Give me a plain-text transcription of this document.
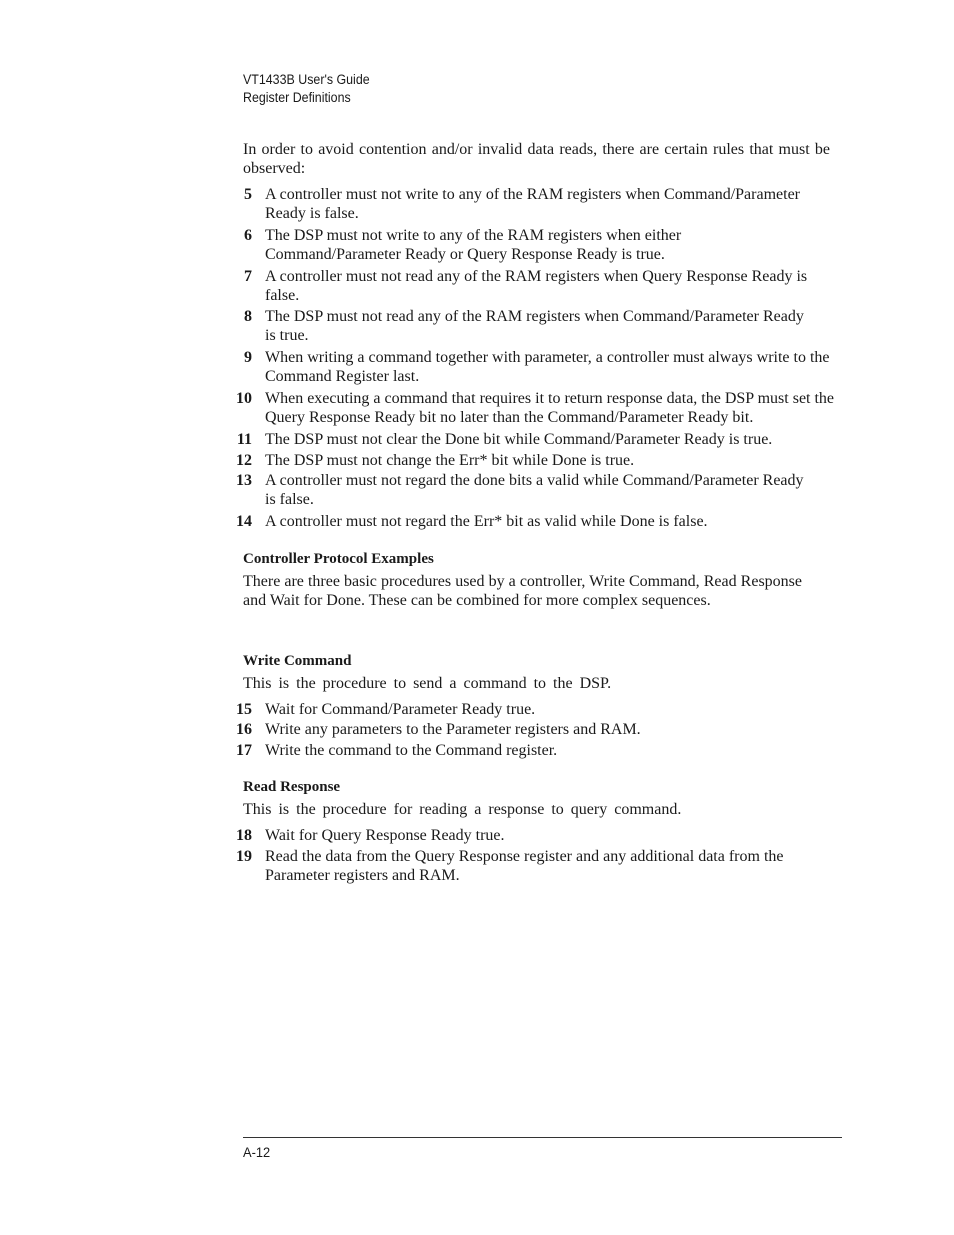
VT1433B User's Guide
Register Definitions

In order to avoid contention and/or invalid data reads, there are certain rules that must be observed:

5 A controller must not write to any of the RAM registers when Command/Parameter Ready is false.
6 The DSP must not write to any of the RAM registers when either Command/Parameter Ready or Query Response Ready is true.
7 A controller must not read any of the RAM registers when Query Response Ready is false.
8 The DSP must not read any of the RAM registers when Command/Parameter Ready is true.
9 When writing a command together with parameter, a controller must always write to the Command Register last.
10 When executing a command that requires it to return response data, the DSP must set the Query Response Ready bit no later than the Command/Parameter Ready bit.
11 The DSP must not clear the Done bit while Command/Parameter Ready is true.
12 The DSP must not change the Err* bit while Done is true.
13 A controller must not regard the done bits a valid while Command/Parameter Ready is false.
14 A controller must not regard the Err* bit as valid while Done is false.

Controller Protocol Examples

There are three basic procedures used by a controller, Write Command, Read Response and Wait for Done. These can be combined for more complex sequences.

Write Command

This is the procedure to send a command to the DSP.

15 Wait for Command/Parameter Ready true.
16 Write any parameters to the Parameter registers and RAM.
17 Write the command to the Command register.

Read Response

This is the procedure for reading a response to query command.

18 Wait for Query Response Ready true.
19 Read the data from the Query Response register and any additional data from the Parameter registers and RAM.
A-12
